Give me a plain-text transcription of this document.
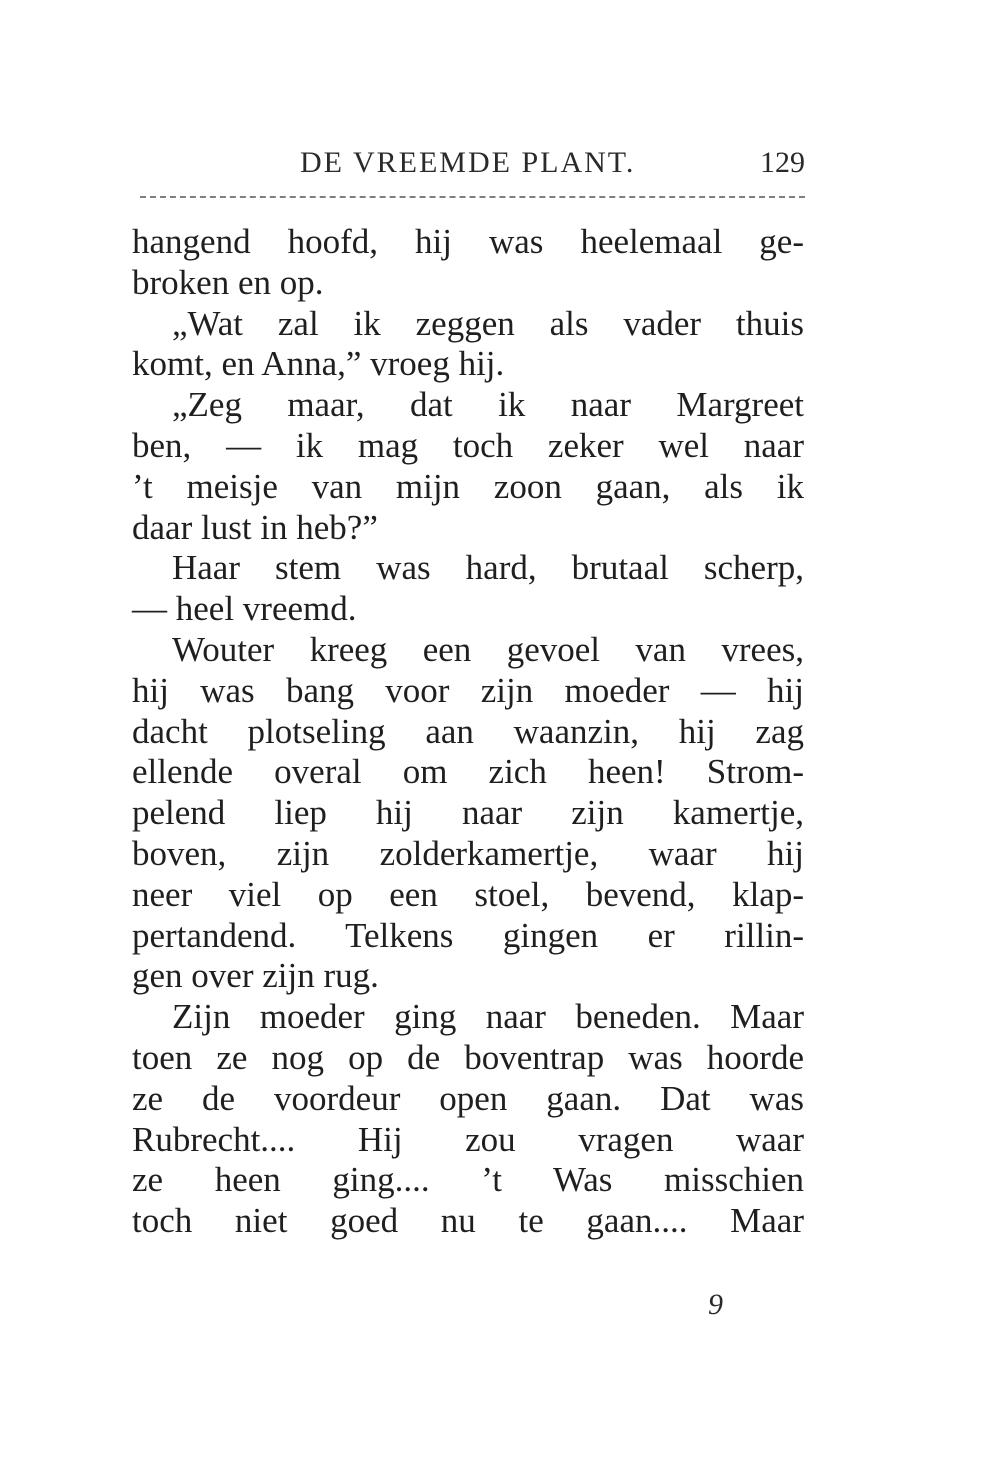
DE VREEMDE PLANT.	129
hangend hoofd, hij was heelemaal ge-
broken en op.
„Wat zal ik zeggen als vader thuis
komt, en Anna,” vroeg hij.
„Zeg maar, dat ik naar Margreet
ben, — ik mag toch zeker wel naar
’t meisje van mijn zoon gaan, als ik
daar lust in heb?”
Haar stem was hard, brutaal scherp,
— heel vreemd.
Wouter kreeg een gevoel van vrees,
hij was bang voor zijn moeder — hij
dacht plotseling aan waanzin, hij zag
ellende overal om zich heen! Strom-
pelend liep hij naar zijn kamertje,
boven, zijn zolderkamertje, waar hij
neer viel op een stoel, bevend, klap-
pertandend. Telkens gingen er rillin-
gen over zijn rug.
Zijn moeder ging naar beneden. Maar
toen ze nog op de boventrap was hoorde
ze de voordeur open gaan. Dat was
Rubrecht.... Hij zou vragen waar
ze heen ging.... ’t Was misschien
toch niet goed nu te gaan.... Maar
9
